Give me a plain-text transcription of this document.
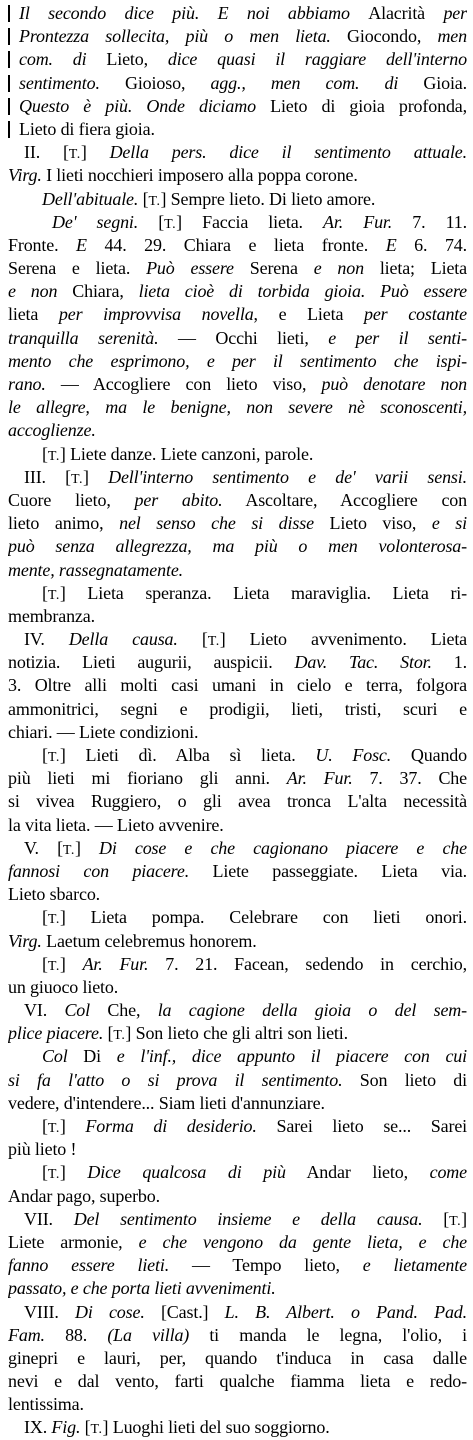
Il secondo dice più. E noi abbiamo Alacrità per
Prontezza sollecita, più o men lieta. Giocondo, men
com. di Lieto, dice quasi il raggiare dell'interno
sentimento. Gioioso, agg., men com. di Gioia.
Questo è più. Onde diciamo Lieto di gioia profonda,
Lieto di fiera gioia.
II. [T.] Della pers. dice il sentimento attuale.
Virg. I lieti nocchieri imposero alla poppa corone.
Dell'abituale. [T.] Sempre lieto. Di lieto amore.
De' segni. [T.] Faccia lieta. Ar. Fur. 7. 11.
Fronte. E 44. 29. Chiara e lieta fronte. E 6. 74.
Serena e lieta. Può essere Serena e non lieta; Lieta
e non Chiara, lieta cioè di torbida gioia. Può essere
lieta per improvvisa novella, e Lieta per costante
tranquilla serenità. — Occhi lieti, e per il senti-
mento che esprimono, e per il sentimento che ispi-
rano. — Accogliere con lieto viso, può denotare non
le allegre, ma le benigne, non severe nè sconoscenti,
accoglienze.
[T.] Liete danze. Liete canzoni, parole.
III. [T.] Dell'interno sentimento e de' varii sensi.
Cuore lieto, per abito. Ascoltare, Accogliere con
lieto animo, nel senso che si disse Lieto viso, e si
può senza allegrezza, ma più o men volonterosa-
mente, rassegnatamente.
[T.] Lieta speranza. Lieta maraviglia. Lieta ri-
membranza.
IV. Della causa. [T.] Lieto avvenimento. Lieta
notizia. Lieti augurii, auspicii. Dav. Tac. Stor. 1.
3. Oltre alli molti casi umani in cielo e terra, folgora
ammonitrici, segni e prodigii, lieti, tristi, scuri e
chiari. — Liete condizioni.
[T.] Lieti dì. Alba sì lieta. U. Fosc. Quando
più lieti mi fioriano gli anni. Ar. Fur. 7. 37. Che
si vivea Ruggiero, o gli avea tronca L'alta necessità
la vita lieta. — Lieto avvenire.
V. [T.] Di cose e che cagionano piacere e che
fannosi con piacere. Liete passeggiate. Lieta via.
Lieto sbarco.
[T.] Lieta pompa. Celebrare con lieti onori.
Virg. Laetum celebremus honorem.
[T.] Ar. Fur. 7. 21. Facean, sedendo in cerchio,
un giuoco lieto.
VI. Col Che, la cagione della gioia o del sem-
plice piacere. [T.] Son lieto che gli altri son lieti.
Col Di e l'inf., dice appunto il piacere con cui
si fa l'atto o si prova il sentimento. Son lieto di
vedere, d'intendere... Siam lieti d'annunziare.
[T.] Forma di desiderio. Sarei lieto se... Sarei
più lieto !
[T.] Dice qualcosa di più Andar lieto, come
Andar pago, superbo.
VII. Del sentimento insieme e della causa. [T.]
Liete armonie, e che vengono da gente lieta, e che
fanno essere lieti. — Tempo lieto, e lietamente
passato, e che porta lieti avvenimenti.
VIII. Di cose. [Cast.] L. B. Albert. o Pand. Pad.
Fam. 88. (La villa) ti manda le legna, l'olio, i
ginepri e lauri, per, quando t'induca in casa dalle
nevi e dal vento, farti qualche fiamma lieta e redo-
lentissima.
IX. Fig. [T.] Luoghi lieti del suo soggiorno.
